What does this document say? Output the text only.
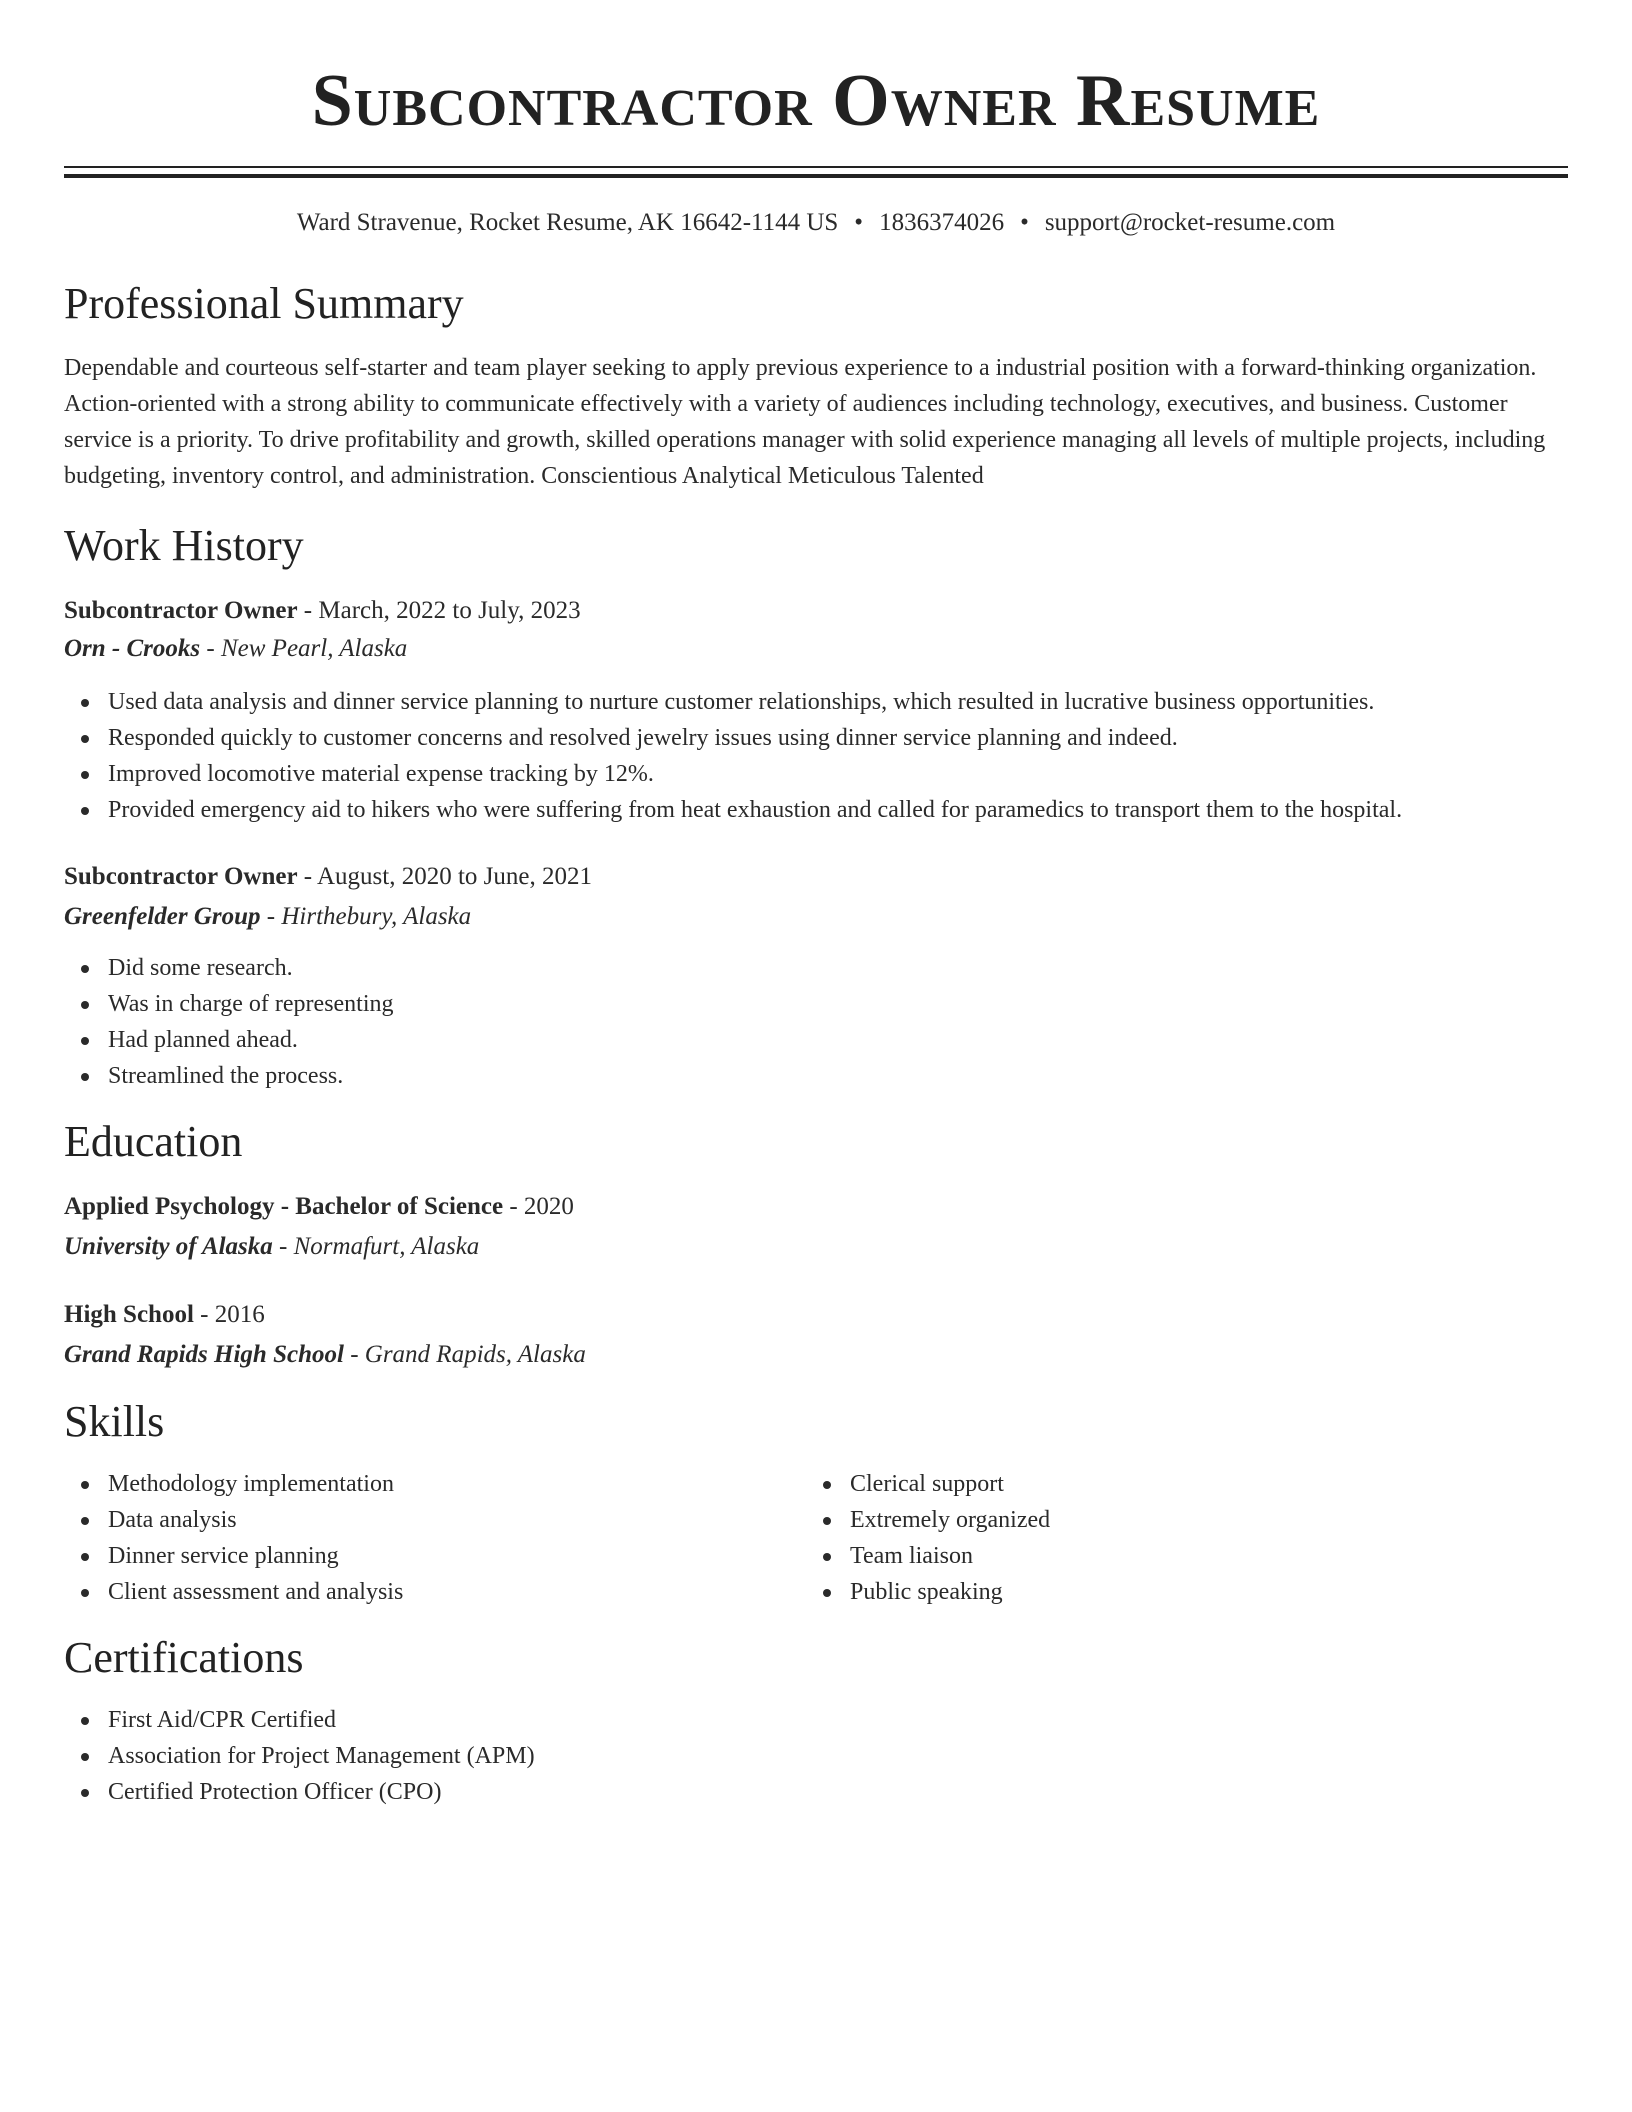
Subcontractor Owner Resume
Ward Stravenue, Rocket Resume, AK 16642-1144 US • 1836374026 • support@rocket-resume.com
Professional Summary

Dependable and courteous self-starter and team player seeking to apply previous experience to a industrial position with a forward-thinking organization. Action-oriented with a strong ability to communicate effectively with a variety of audiences including technology, executives, and business. Customer service is a priority. To drive profitability and growth, skilled operations manager with solid experience managing all levels of multiple projects, including budgeting, inventory control, and administration. Conscientious Analytical Meticulous Talented

Work History
Subcontractor Owner - March, 2022 to July, 2023
Orn - Crooks - New Pearl, Alaska
Used data analysis and dinner service planning to nurture customer relationships, which resulted in lucrative business opportunities.
Responded quickly to customer concerns and resolved jewelry issues using dinner service planning and indeed.
Improved locomotive material expense tracking by 12%.
Provided emergency aid to hikers who were suffering from heat exhaustion and called for paramedics to transport them to the hospital.
Subcontractor Owner - August, 2020 to June, 2021
Greenfelder Group - Hirthebury, Alaska
Did some research.
Was in charge of representing
Had planned ahead.
Streamlined the process.
Education
Applied Psychology - Bachelor of Science - 2020
University of Alaska - Normafurt, Alaska
High School - 2016
Grand Rapids High School - Grand Rapids, Alaska
Skills
Methodology implementation
Data analysis
Dinner service planning
Client assessment and analysis
Clerical support
Extremely organized
Team liaison
Public speaking
Certifications
First Aid/CPR Certified
Association for Project Management (APM)
Certified Protection Officer (CPO)
